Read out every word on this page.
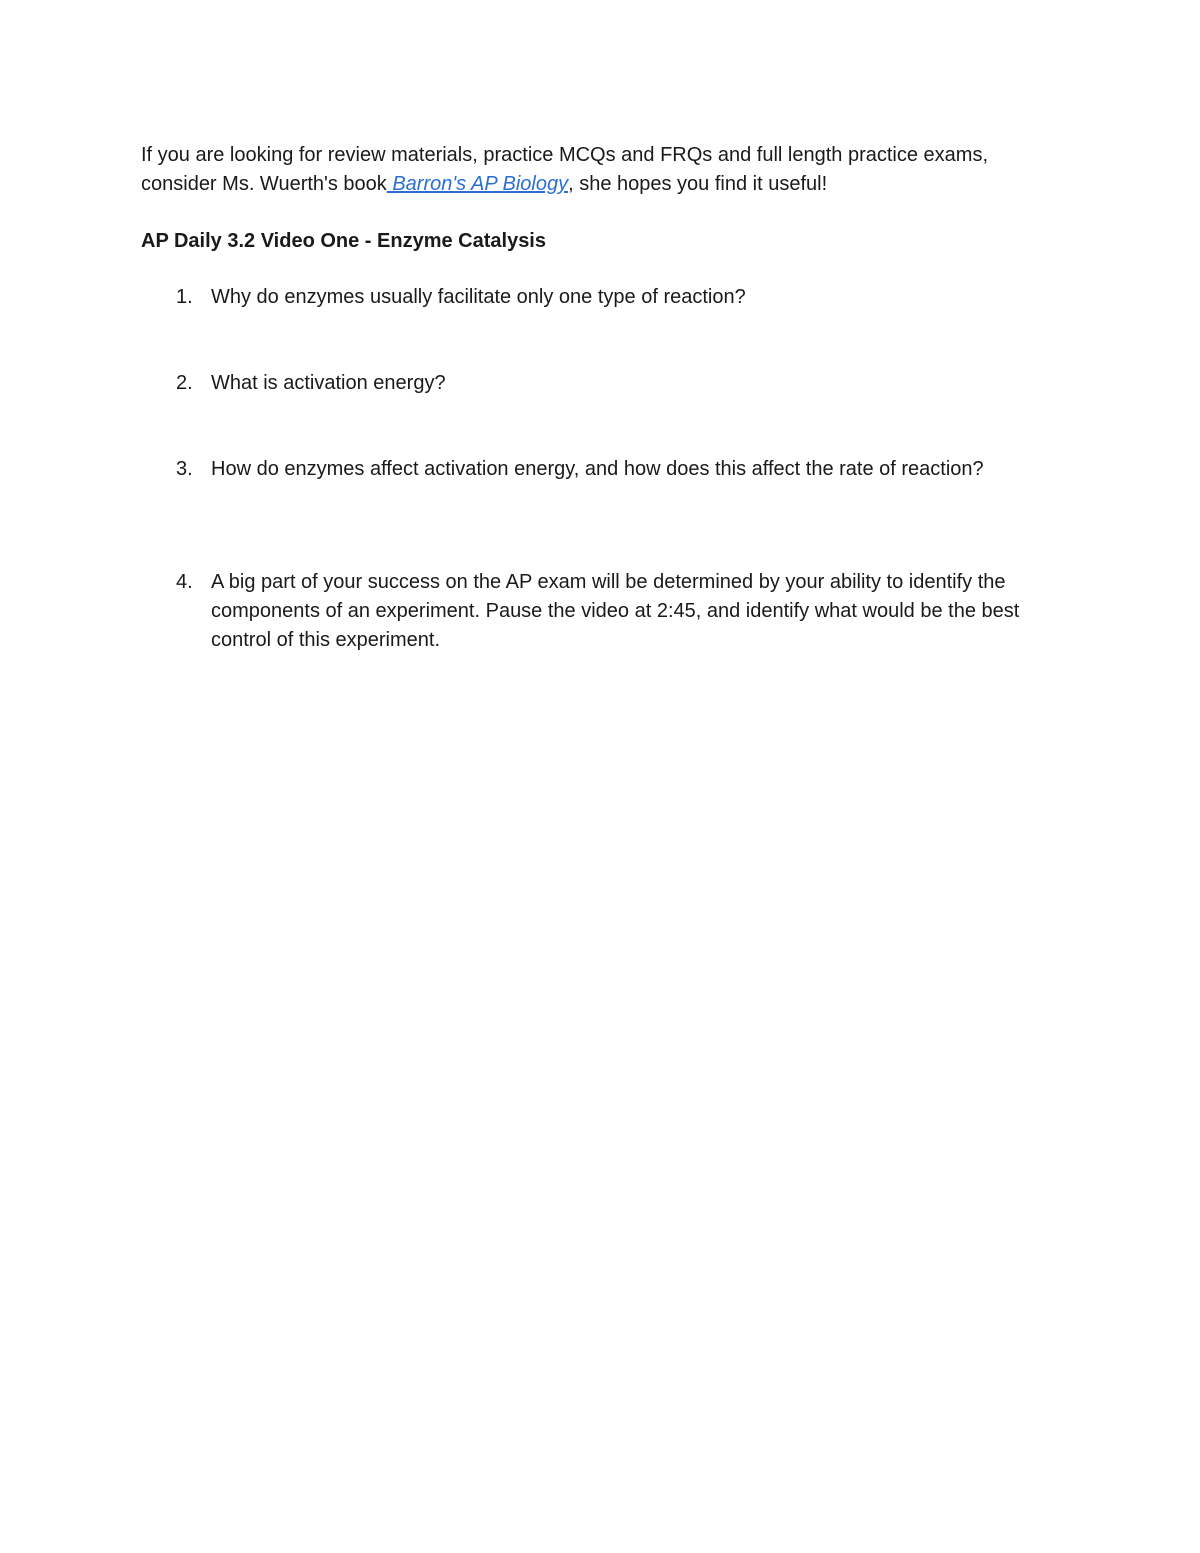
If you are looking for review materials, practice MCQs and FRQs and full length practice exams, consider Ms. Wuerth's book Barron's AP Biology, she hopes you find it useful!

AP Daily 3.2 Video One - Enzyme Catalysis
1. Why do enzymes usually facilitate only one type of reaction?
2. What is activation energy?
3. How do enzymes affect activation energy, and how does this affect the rate of reaction?
4. A big part of your success on the AP exam will be determined by your ability to identify the components of an experiment. Pause the video at 2:45, and identify what would be the best control of this experiment.
